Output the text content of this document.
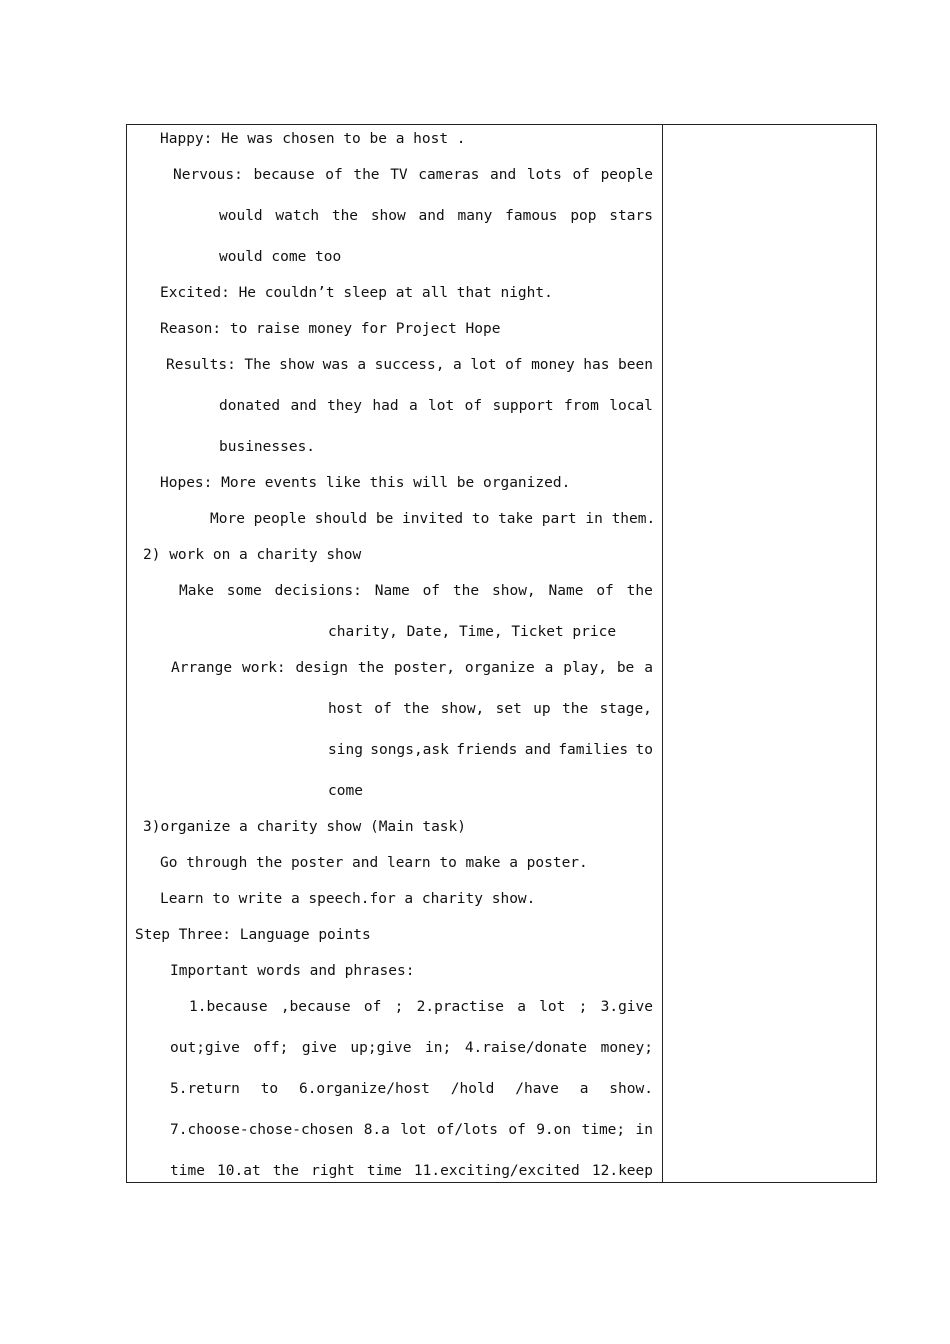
Happy: He was chosen to be a host .
Nervous: because of the TV cameras and lots of people
would watch the show and many famous pop stars
would come too
Excited: He couldn’t sleep at all that night.
Reason: to raise money for Project Hope
Results: The show was a success, a lot of money has been
donated and they had a lot of support from local
businesses.
Hopes: More events like this will be organized.
More people should be invited to take part in them.
2) work on a charity show
Make some decisions: Name of the show, Name of the
charity, Date, Time, Ticket price
Arrange work: design the poster, organize a play, be a
host of the show, set up the stage,
sing songs,ask friends and families to
come
3)organize a charity show (Main task)
Go through the poster and learn to make a poster.
Learn to write a speech.for a charity show.
Step Three: Language points
Important words and phrases:
1.because ,because of ; 2.practise a lot ; 3.give
out;give off; give up;give in; 4.raise/donate money;
5.return to 6.organize/host /hold /have a show.
7.choose-chose-chosen 8.a lot of/lots of 9.on time; in
time 10.at the right time 11.exciting/excited 12.keep
